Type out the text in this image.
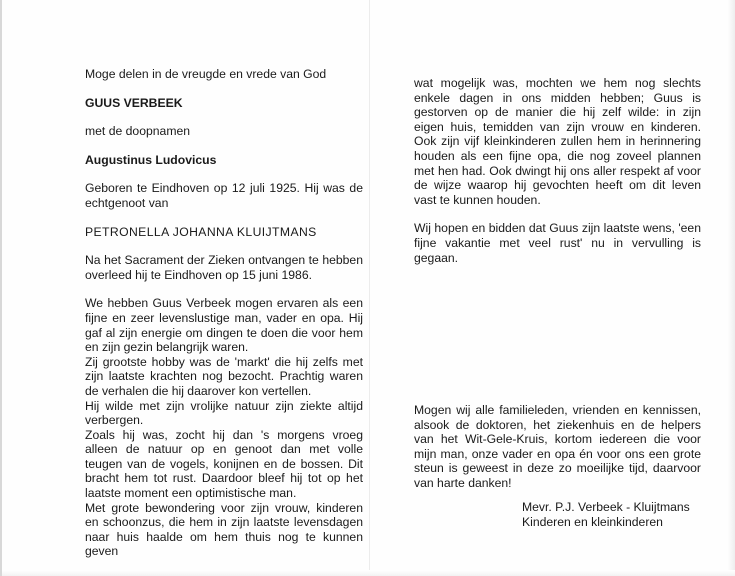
Moge delen in de vreugde en vrede van God

GUUS VERBEEK

met de doopnamen

Augustinus Ludovicus

Geboren te Eindhoven op 12 juli 1925. Hij was de echtgenoot van

PETRONELLA JOHANNA KLUIJTMANS

Na het Sacrament der Zieken ontvangen te hebben overleed hij te Eindhoven op 15 juni 1986.

We hebben Guus Verbeek mogen ervaren als een fijne en zeer levenslustige man, vader en opa. Hij gaf al zijn energie om dingen te doen die voor hem en zijn gezin belangrijk waren.

Zij grootste hobby was de 'markt' die hij zelfs met zijn laatste krachten nog bezocht. Prachtig waren de verhalen die hij daarover kon vertellen.

Hij wilde met zijn vrolijke natuur zijn ziekte altijd verbergen.

Zoals hij was, zocht hij dan 's morgens vroeg alleen de natuur op en genoot dan met volle teugen van de vogels, konijnen en de bossen. Dit bracht hem tot rust. Daardoor bleef hij tot op het laatste moment een optimistische man.

Met grote bewondering voor zijn vrouw, kinderen en schoonzus, die hem in zijn laatste levensdagen naar huis haalde om hem thuis nog te kunnen geven

wat mogelijk was, mochten we hem nog slechts enkele dagen in ons midden hebben; Guus is gestorven op de manier die hij zelf wilde: in zijn eigen huis, temidden van zijn vrouw en kinderen. Ook zijn vijf kleinkinderen zullen hem in herinnering houden als een fijne opa, die nog zoveel plannen met hen had. Ook dwingt hij ons aller respekt af voor de wijze waarop hij gevochten heeft om dit leven vast te kunnen houden.

Wij hopen en bidden dat Guus zijn laatste wens, 'een fijne vakantie met veel rust' nu in vervulling is gegaan.

Mogen wij alle familieleden, vrienden en kennissen, alsook de doktoren, het ziekenhuis en de helpers van het Wit-Gele-Kruis, kortom iedereen die voor mijn man, onze vader en opa én voor ons een grote steun is geweest in deze zo moeilijke tijd, daarvoor van harte danken!

Mevr. P.J. Verbeek - Kluijtmans

Kinderen en kleinkinderen
